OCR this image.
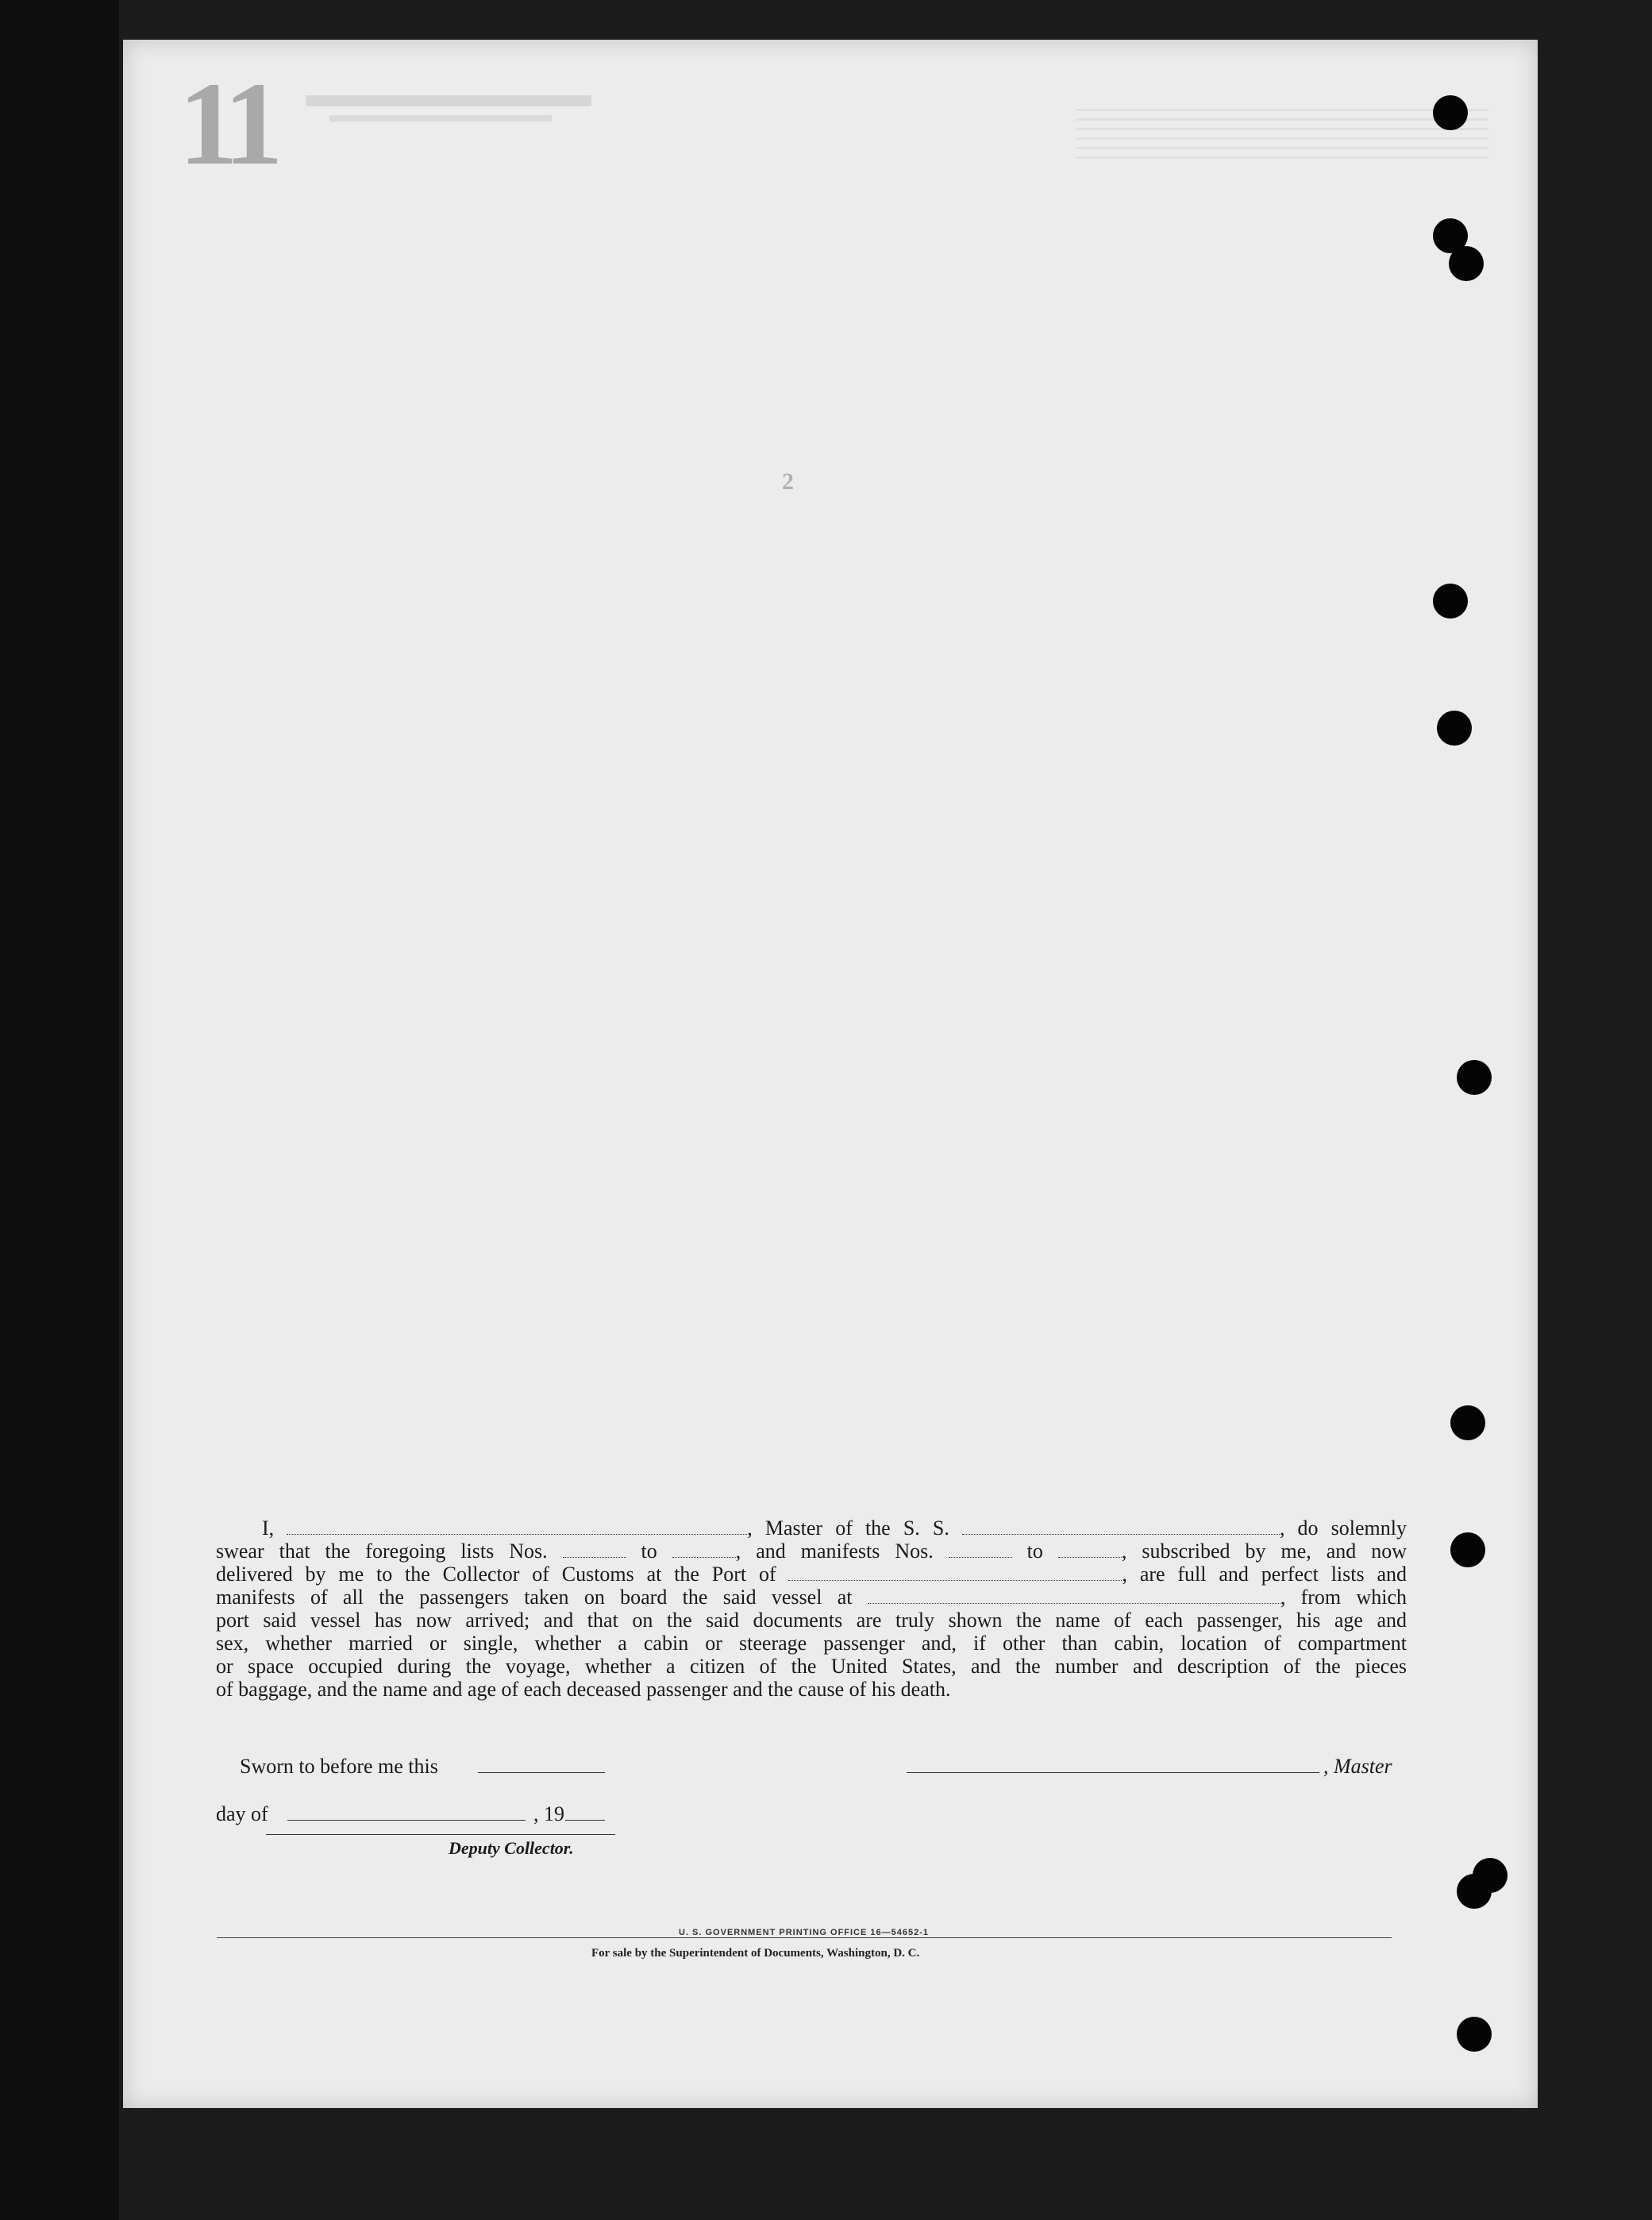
11
2
I,	, Master of the S. S.	, do solemnly
swear that the foregoing lists Nos.	to	, and manifests Nos.	to	, subscribed by me, and now
delivered by me to the Collector of Customs at the Port of	, are full and perfect lists and
manifests of all the passengers taken on board the said vessel at	, from which
port said vessel has now arrived; and that on the said documents are truly shown the name of each passenger, his age and
sex, whether married or single, whether a cabin or steerage passenger and, if other than cabin, location of compartment
or space occupied during the voyage, whether a citizen of the United States, and the number and description of the pieces
of baggage, and the name and age of each deceased passenger and the cause of his death.
Sworn to before me this	, Master
day of	, 19
Deputy Collector.
U. S. GOVERNMENT PRINTING OFFICE 16—54652-1
For sale by the Superintendent of Documents, Washington, D. C.
